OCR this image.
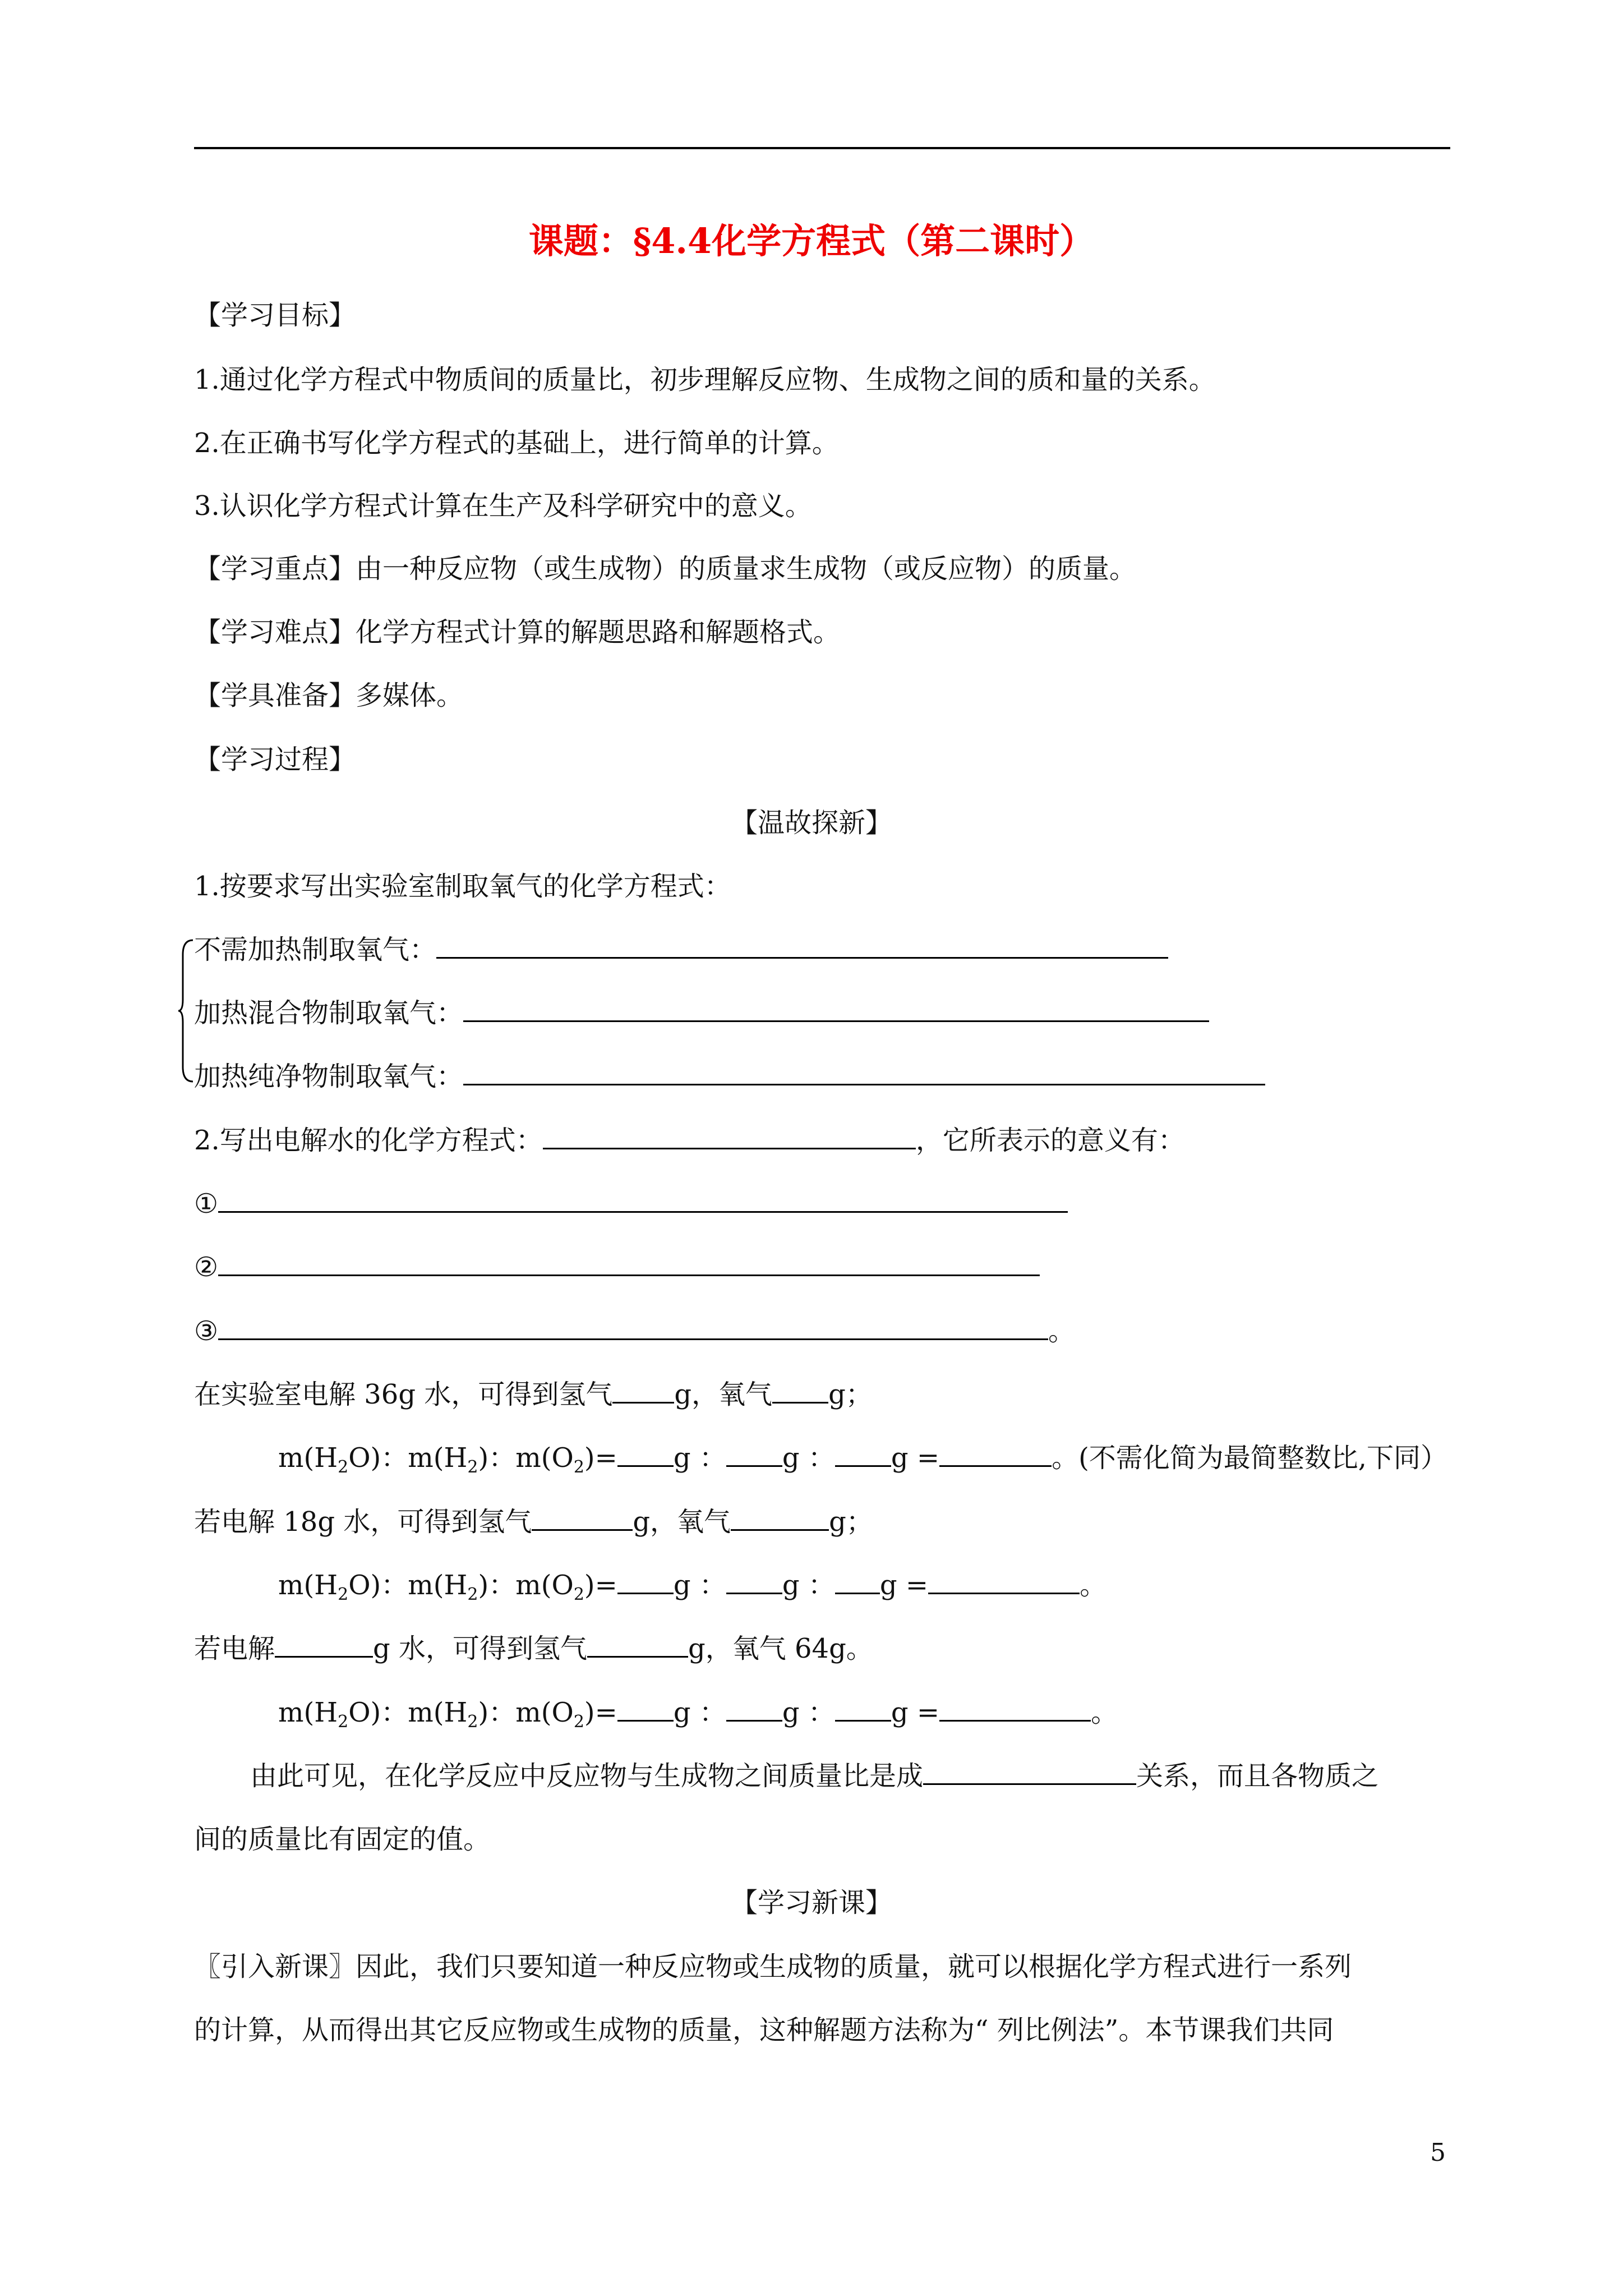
课题：§4.4化学方程式（第二课时）
【学习目标】
1.通过化学方程式中物质间的质量比，初步理解反应物、生成物之间的质和量的关系。
2.在正确书写化学方程式的基础上，进行简单的计算。
3.认识化学方程式计算在生产及科学研究中的意义。
【学习重点】由一种反应物（或生成物）的质量求生成物（或反应物）的质量。
【学习难点】化学方程式计算的解题思路和解题格式。
【学具准备】多媒体。
【学习过程】
【温故探新】
1.按要求写出实验室制取氧气的化学方程式：
不需加热制取氧气：
加热混合物制取氧气：
加热纯净物制取氧气：
2.写出电解水的化学方程式：	，它所表示的意义有：
①
②
③	。
在实验室电解 36g 水，可得到氢气 g，氧气 g；
$m(H_2O)$：$m(H_2)$：$m(O_2)= g$ ： g ： g =	。(不需化简为最简整数比,下同）
若电解 18g 水，可得到氢气	g，氧气	g；
$m(H_2O)$：$m(H_2)$：$m(O_2)= g$ ： g ： g =	。
若电解	g 水，可得到氢气	g，氧气 64g。
$m(H_2O)$：$m(H_2)$：$m(O_2)= g$ ： g ： g =	。
由此可见，在化学反应中反应物与生成物之间质量比是成	关系，而且各物质之
间的质量比有固定的值。
【学习新课】
〖引入新课〗因此，我们只要知道一种反应物或生成物的质量，就可以根据化学方程式进行一系列
的计算，从而得出其它反应物或生成物的质量，这种解题方法称为“ 列比例法”。本节课我们共同
5
